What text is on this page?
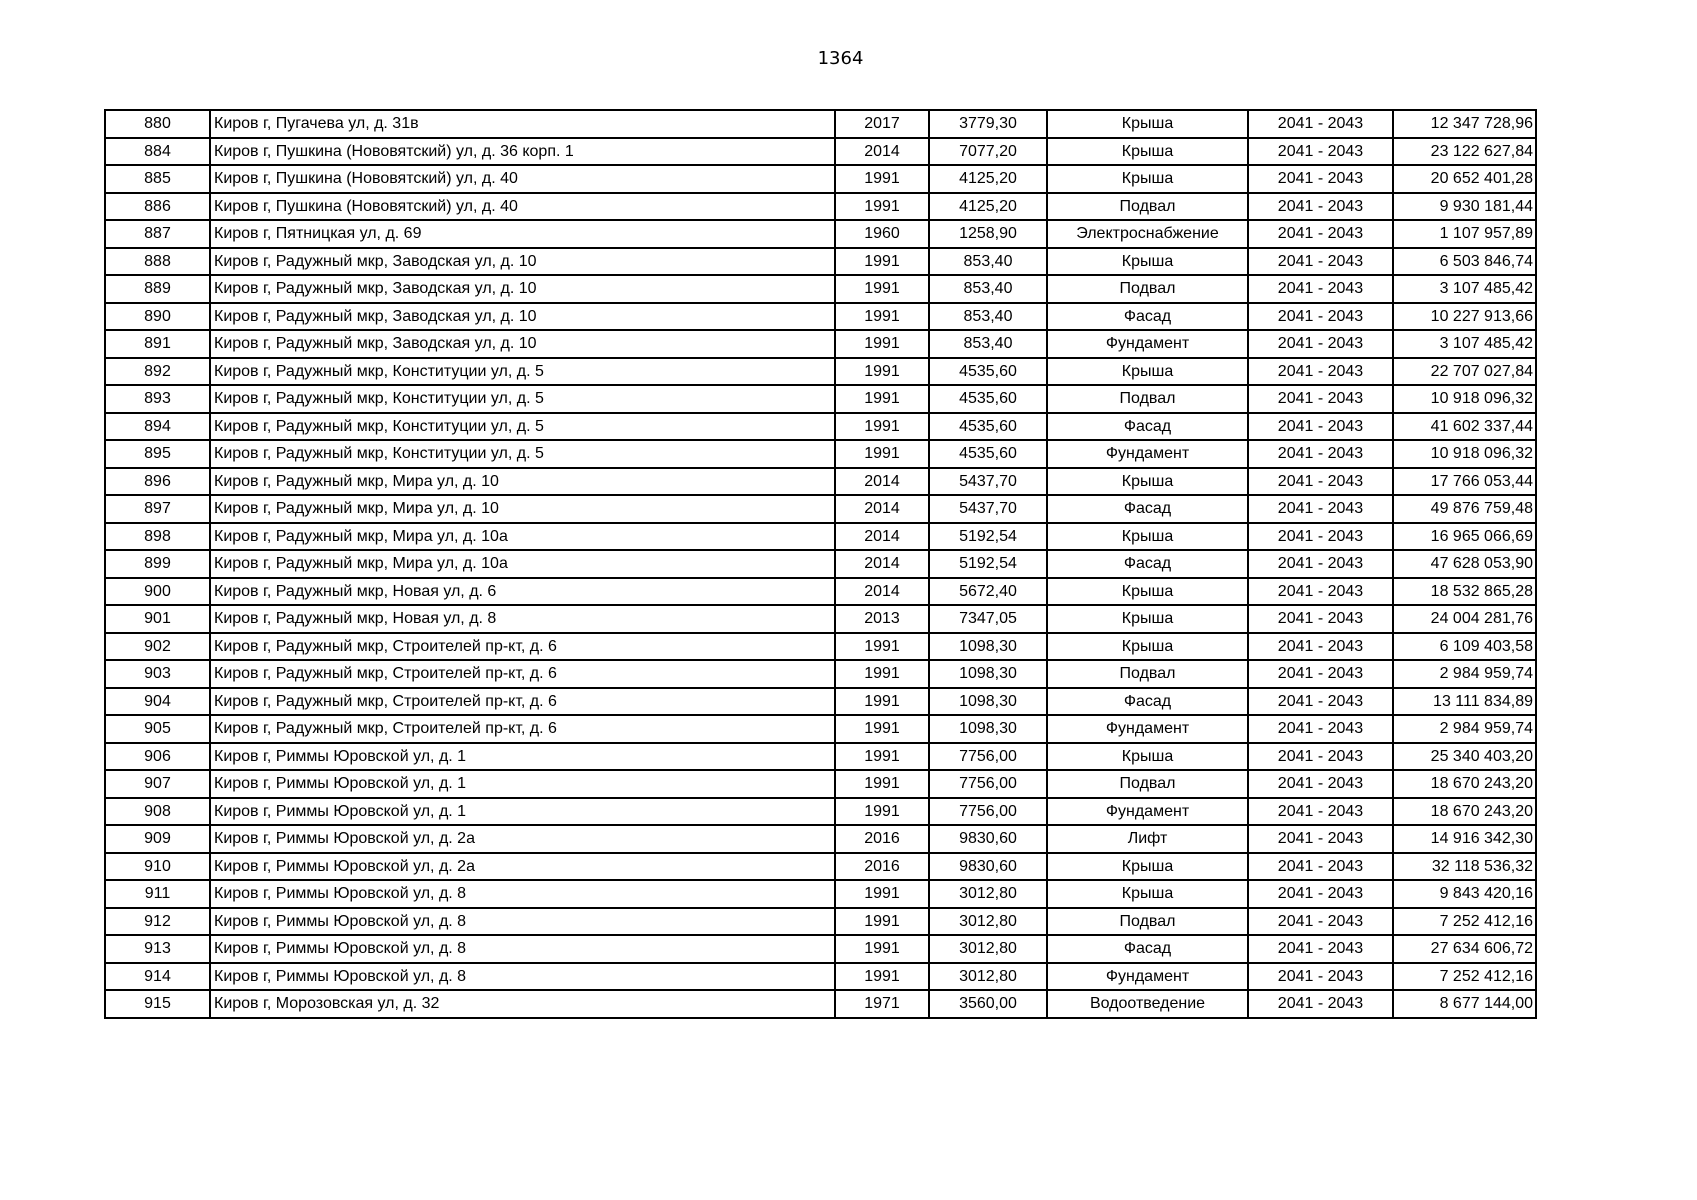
1364
880	Киров г, Пугачева ул, д. 31в	2017	3779,30	Крыша	2041 - 2043	12 347 728,96
884	Киров г, Пушкина (Нововятский) ул, д. 36 корп. 1	2014	7077,20	Крыша	2041 - 2043	23 122 627,84
885	Киров г, Пушкина (Нововятский) ул, д. 40	1991	4125,20	Крыша	2041 - 2043	20 652 401,28
886	Киров г, Пушкина (Нововятский) ул, д. 40	1991	4125,20	Подвал	2041 - 2043	9 930 181,44
887	Киров г, Пятницкая ул, д. 69	1960	1258,90	Электроснабжение	2041 - 2043	1 107 957,89
888	Киров г, Радужный мкр, Заводская ул, д. 10	1991	853,40	Крыша	2041 - 2043	6 503 846,74
889	Киров г, Радужный мкр, Заводская ул, д. 10	1991	853,40	Подвал	2041 - 2043	3 107 485,42
890	Киров г, Радужный мкр, Заводская ул, д. 10	1991	853,40	Фасад	2041 - 2043	10 227 913,66
891	Киров г, Радужный мкр, Заводская ул, д. 10	1991	853,40	Фундамент	2041 - 2043	3 107 485,42
892	Киров г, Радужный мкр, Конституции ул, д. 5	1991	4535,60	Крыша	2041 - 2043	22 707 027,84
893	Киров г, Радужный мкр, Конституции ул, д. 5	1991	4535,60	Подвал	2041 - 2043	10 918 096,32
894	Киров г, Радужный мкр, Конституции ул, д. 5	1991	4535,60	Фасад	2041 - 2043	41 602 337,44
895	Киров г, Радужный мкр, Конституции ул, д. 5	1991	4535,60	Фундамент	2041 - 2043	10 918 096,32
896	Киров г, Радужный мкр, Мира ул, д. 10	2014	5437,70	Крыша	2041 - 2043	17 766 053,44
897	Киров г, Радужный мкр, Мира ул, д. 10	2014	5437,70	Фасад	2041 - 2043	49 876 759,48
898	Киров г, Радужный мкр, Мира ул, д. 10а	2014	5192,54	Крыша	2041 - 2043	16 965 066,69
899	Киров г, Радужный мкр, Мира ул, д. 10а	2014	5192,54	Фасад	2041 - 2043	47 628 053,90
900	Киров г, Радужный мкр, Новая ул, д. 6	2014	5672,40	Крыша	2041 - 2043	18 532 865,28
901	Киров г, Радужный мкр, Новая ул, д. 8	2013	7347,05	Крыша	2041 - 2043	24 004 281,76
902	Киров г, Радужный мкр, Строителей пр-кт, д. 6	1991	1098,30	Крыша	2041 - 2043	6 109 403,58
903	Киров г, Радужный мкр, Строителей пр-кт, д. 6	1991	1098,30	Подвал	2041 - 2043	2 984 959,74
904	Киров г, Радужный мкр, Строителей пр-кт, д. 6	1991	1098,30	Фасад	2041 - 2043	13 111 834,89
905	Киров г, Радужный мкр, Строителей пр-кт, д. 6	1991	1098,30	Фундамент	2041 - 2043	2 984 959,74
906	Киров г, Риммы Юровской ул, д. 1	1991	7756,00	Крыша	2041 - 2043	25 340 403,20
907	Киров г, Риммы Юровской ул, д. 1	1991	7756,00	Подвал	2041 - 2043	18 670 243,20
908	Киров г, Риммы Юровской ул, д. 1	1991	7756,00	Фундамент	2041 - 2043	18 670 243,20
909	Киров г, Риммы Юровской ул, д. 2а	2016	9830,60	Лифт	2041 - 2043	14 916 342,30
910	Киров г, Риммы Юровской ул, д. 2а	2016	9830,60	Крыша	2041 - 2043	32 118 536,32
911	Киров г, Риммы Юровской ул, д. 8	1991	3012,80	Крыша	2041 - 2043	9 843 420,16
912	Киров г, Риммы Юровской ул, д. 8	1991	3012,80	Подвал	2041 - 2043	7 252 412,16
913	Киров г, Риммы Юровской ул, д. 8	1991	3012,80	Фасад	2041 - 2043	27 634 606,72
914	Киров г, Риммы Юровской ул, д. 8	1991	3012,80	Фундамент	2041 - 2043	7 252 412,16
915	Киров г, Морозовская ул, д. 32	1971	3560,00	Водоотведение	2041 - 2043	8 677 144,00
